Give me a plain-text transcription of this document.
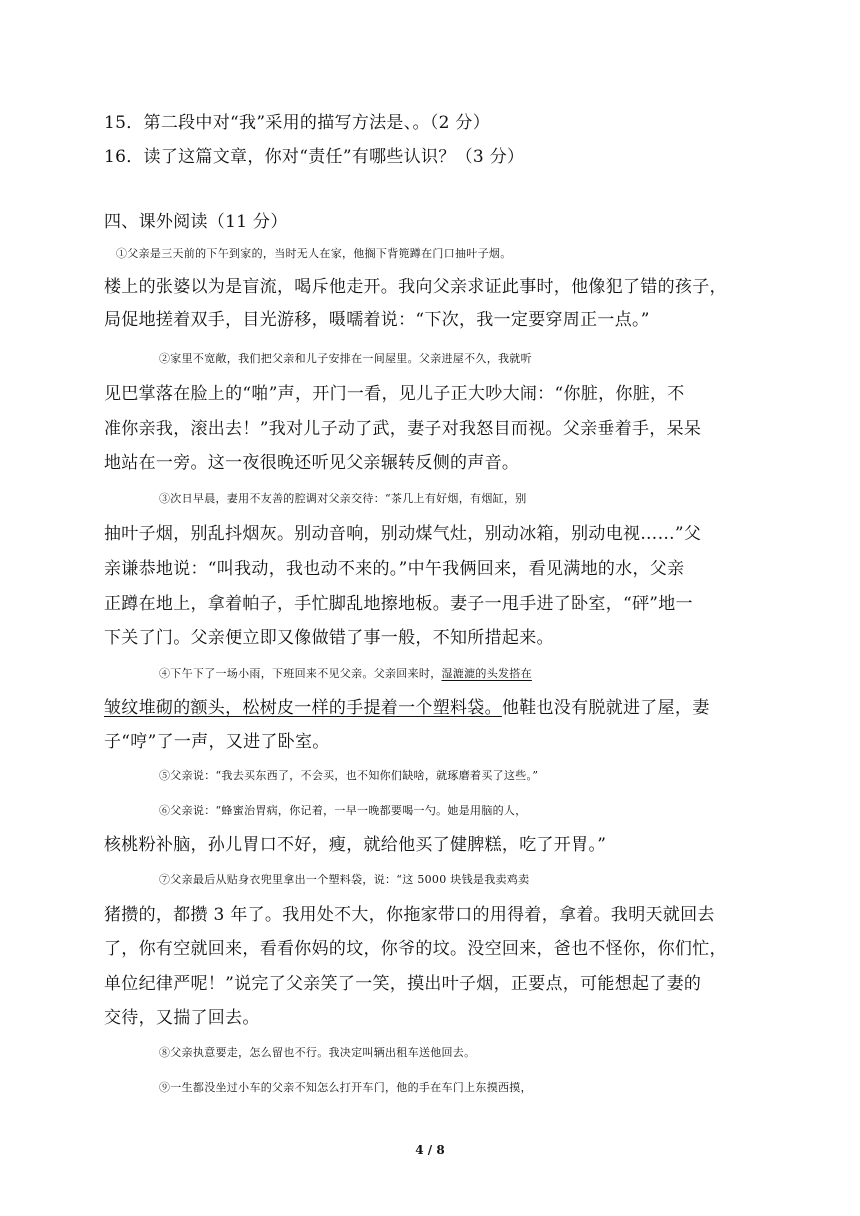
15．第二段中对“我”采用的描写方法是、。（2 分）
16．读了这篇文章，你对“责任”有哪些认识？（3 分）
四、课外阅读（11 分）
①父亲是三天前的下午到家的，当时无人在家，他搁下背篼蹲在门口抽叶子烟。
楼上的张婆以为是盲流，喝斥他走开。我向父亲求证此事时，他像犯了错的孩子，
局促地搓着双手，目光游移，嗫嚅着说：“下次，我一定要穿周正一点。”
②家里不宽敞，我们把父亲和儿子安排在一间屋里。父亲进屋不久，我就听
见巴掌落在脸上的“啪”声，开门一看，见儿子正大吵大闹：“你脏，你脏，不
准你亲我，滚出去！”我对儿子动了武，妻子对我怒目而视。父亲垂着手，呆呆
地站在一旁。这一夜很晚还听见父亲辗转反侧的声音。
③次日早晨，妻用不友善的腔调对父亲交待：“茶几上有好烟，有烟缸，别
抽叶子烟，别乱抖烟灰。别动音响，别动煤气灶，别动冰箱，别动电视……”父
亲谦恭地说：“叫我动，我也动不来的。”中午我俩回来，看见满地的水，父亲
正蹲在地上，拿着帕子，手忙脚乱地擦地板。妻子一甩手进了卧室，“砰”地一
下关了门。父亲便立即又像做错了事一般，不知所措起来。
④下午下了一场小雨，下班回来不见父亲。父亲回来时，湿漉漉的头发搭在
皱纹堆砌的额头，松树皮一样的手提着一个塑料袋。他鞋也没有脱就进了屋，妻
子“哼”了一声，又进了卧室。
⑤父亲说：“我去买东西了，不会买，也不知你们缺啥，就琢磨着买了这些。”
⑥父亲说：“蜂蜜治胃病，你记着，一早一晚都要喝一勺。她是用脑的人，
核桃粉补脑，孙儿胃口不好，瘦，就给他买了健脾糕，吃了开胃。”
⑦父亲最后从贴身衣兜里拿出一个塑料袋，说：“这 5000 块钱是我卖鸡卖
猪攒的，都攒 3 年了。我用处不大，你拖家带口的用得着，拿着。我明天就回去
了，你有空就回来，看看你妈的坟，你爷的坟。没空回来，爸也不怪你，你们忙，
单位纪律严呢！”说完了父亲笑了一笑，摸出叶子烟，正要点，可能想起了妻的
交待，又揣了回去。
⑧父亲执意要走，怎么留也不行。我决定叫辆出租车送他回去。
⑨一生都没坐过小车的父亲不知怎么打开车门，他的手在车门上东摸西摸，
4 / 8
